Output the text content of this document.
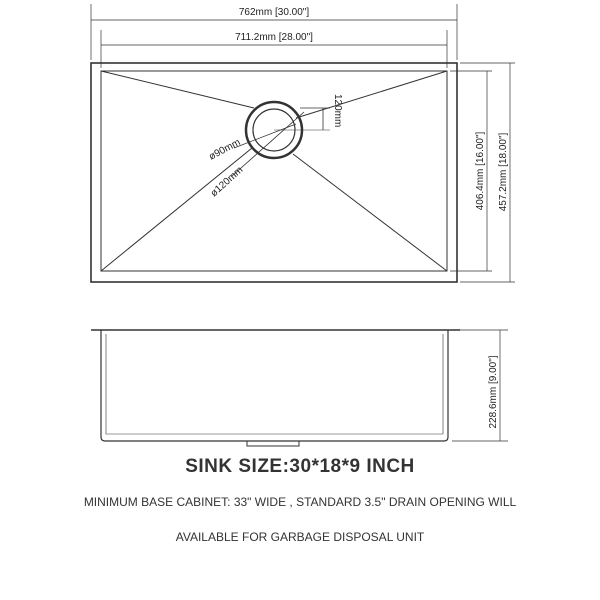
120mm
ø90mm
ø120mm
762mm [30.00"]
711.2mm [28.00"]
406.4mm [16.00"] 457.2mm [18.00"]
228.6mm [9.00"]
SINK SIZE:30*18*9 INCH
MINIMUM BASE CABINET: 33" WIDE , STANDARD 3.5" DRAIN OPENING WILL
AVAILABLE FOR GARBAGE DISPOSAL UNIT
